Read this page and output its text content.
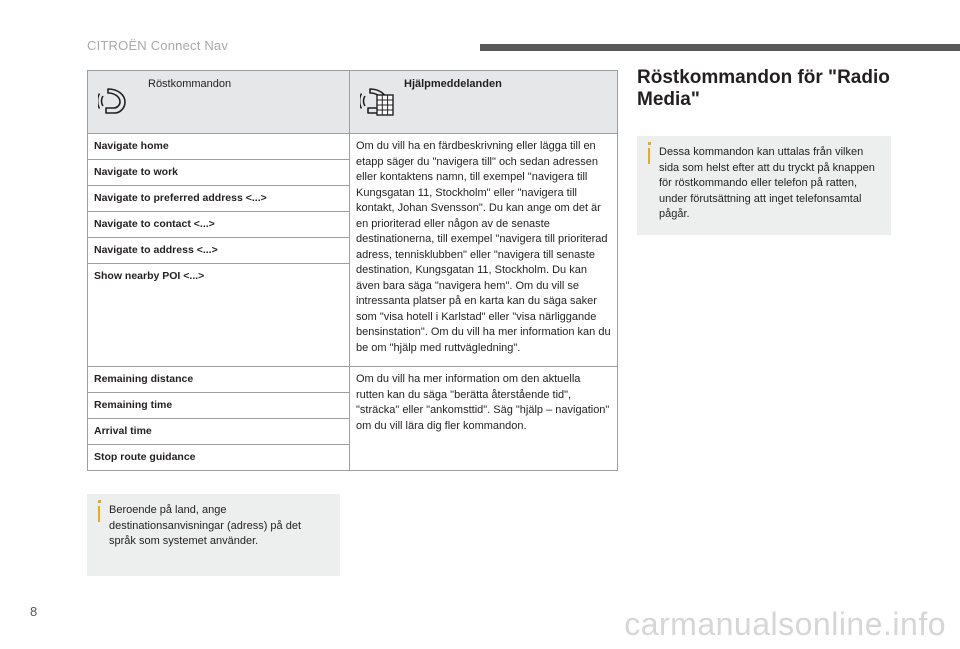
CITROËN Connect Nav
Röstkommandon	Hjälpmeddelanden

Navigate home	Om du vill ha en färdbeskrivning eller lägga till en etapp säger du "navigera till" och sedan adressen eller kontaktens namn, till exempel "navigera till Kungsgatan 11, Stockholm" eller "navigera till kontakt, Johan Svensson". Du kan ange om det är en prioriterad eller någon av de senaste destinationerna, till exempel "navigera till prioriterad adress, tennisklubben" eller "navigera till senaste destination, Kungsgatan 11, Stockholm. Du kan även bara säga "navigera hem". Om du vill se intressanta platser på en karta kan du säga saker som "visa hotell i Karlstad" eller "visa närliggande bensinstation". Om du vill ha mer information kan du be om "hjälp med ruttvägledning".
Navigate to work	
Navigate to preferred address <...>	
Navigate to contact <...>	
Navigate to address <...>	
Show nearby POI <...>	
Remaining distance	Om du vill ha mer information om den aktuella rutten kan du säga "berätta återstående tid", "sträcka" eller "ankomsttid". Säg "hjälp – navigation" om du vill lära dig fler kommandon.
Remaining time	
Arrival time	
Stop route guidance	
Beroende på land, ange destinationsanvisningar (adress) på det språk som systemet använder.
Röstkommandon för "Radio Media"
Dessa kommandon kan uttalas från vilken sida som helst efter att du tryckt på knappen för röstkommando eller telefon på ratten, under förutsättning att inget telefonsamtal pågår.
8	carmanualsonline.info
